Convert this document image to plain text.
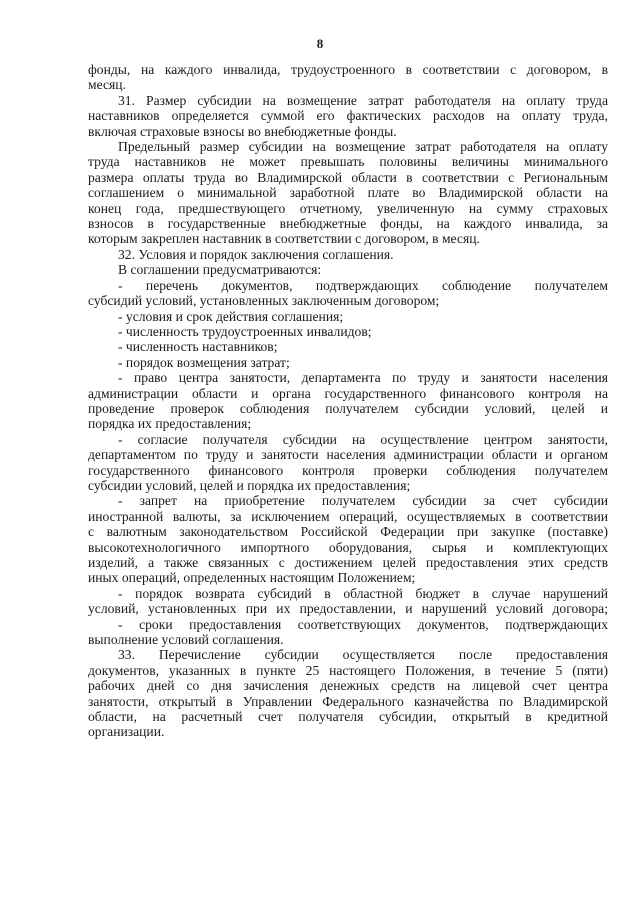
8
фонды, на каждого инвалида, трудоустроенного в соответствии с договором, в
месяц.
31. Размер субсидии на возмещение затрат работодателя на оплату труда
наставников определяется суммой его фактических расходов на оплату труда,
включая страховые взносы во внебюджетные фонды.
Предельный размер субсидии на возмещение затрат работодателя на оплату
труда наставников не может превышать половины величины минимального
размера оплаты труда во Владимирской области в соответствии с Региональным
соглашением о минимальной заработной плате во Владимирской области на
конец года, предшествующего отчетному, увеличенную на сумму страховых
взносов в государственные внебюджетные фонды, на каждого инвалида, за
которым закреплен наставник в соответствии с договором, в месяц.
32. Условия и порядок заключения соглашения.
В соглашении предусматриваются:
- перечень документов, подтверждающих соблюдение получателем
субсидий условий, установленных заключенным договором;
- условия и срок действия соглашения;
- численность трудоустроенных инвалидов;
- численность наставников;
- порядок возмещения затрат;
- право центра занятости, департамента по труду и занятости населения
администрации области и органа государственного финансового контроля на
проведение проверок соблюдения получателем субсидии условий, целей и
порядка их предоставления;
- согласие получателя субсидии на осуществление центром занятости,
департаментом по труду и занятости населения администрации области и органом
государственного финансового контроля проверки соблюдения получателем
субсидии условий, целей и порядка их предоставления;
- запрет на приобретение получателем субсидии за счет субсидии
иностранной валюты, за исключением операций, осуществляемых в соответствии
с валютным законодательством Российской Федерации при закупке (поставке)
высокотехнологичного импортного оборудования, сырья и комплектующих
изделий, а также связанных с достижением целей предоставления этих средств
иных операций, определенных настоящим Положением;
- порядок возврата субсидий в областной бюджет в случае нарушений
условий, установленных при их предоставлении, и нарушений условий договора;
- сроки предоставления соответствующих документов, подтверждающих
выполнение условий соглашения.
33. Перечисление субсидии осуществляется после предоставления
документов, указанных в пункте 25 настоящего Положения, в течение 5 (пяти)
рабочих дней со дня зачисления денежных средств на лицевой счет центра
занятости, открытый в Управлении Федерального казначейства по Владимирской
области, на расчетный счет получателя субсидии, открытый в кредитной
организации.
